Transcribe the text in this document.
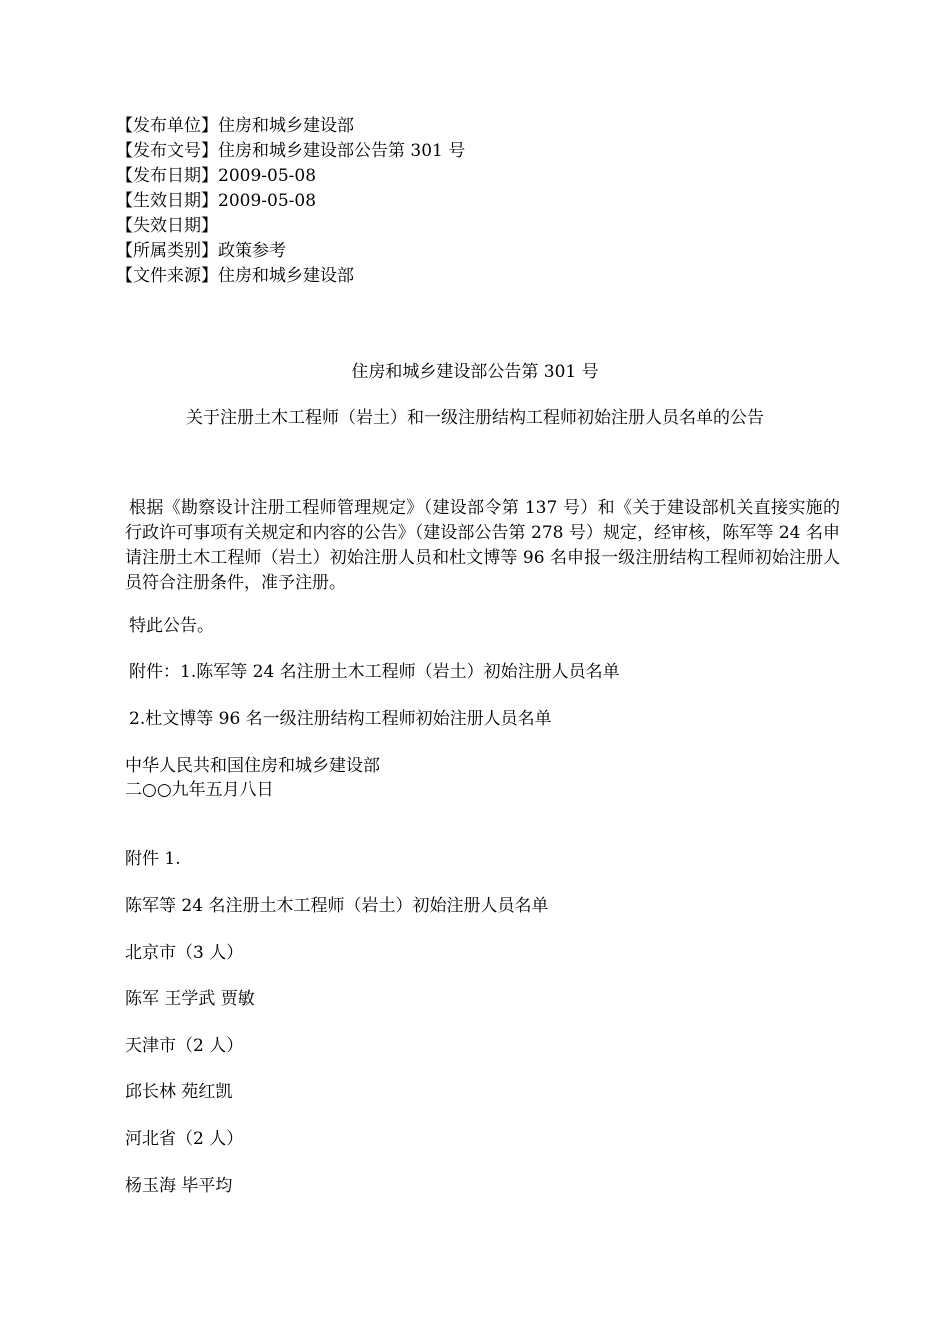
【发布单位】住房和城乡建设部
【发布文号】住房和城乡建设部公告第 301 号
【发布日期】2009-05-08
【生效日期】2009-05-08
【失效日期】
【所属类别】政策参考
【文件来源】住房和城乡建设部
住房和城乡建设部公告第 301 号
关于注册土木工程师（岩土）和一级注册结构工程师初始注册人员名单的公告
根据《勘察设计注册工程师管理规定》（建设部令第 137 号）和《关于建设部机关直接实施的行政许可事项有关规定和内容的公告》（建设部公告第 278 号）规定，经审核，陈军等 24 名申请注册土木工程师（岩土）初始注册人员和杜文博等 96 名申报一级注册结构工程师初始注册人员符合注册条件，准予注册。
特此公告。
附件：1.陈军等 24 名注册土木工程师（岩土）初始注册人员名单
2.杜文博等 96 名一级注册结构工程师初始注册人员名单
中华人民共和国住房和城乡建设部
二○○九年五月八日
附件 1.
陈军等 24 名注册土木工程师（岩土）初始注册人员名单
北京市（3 人）
陈军 王学武 贾敏
天津市（2 人）
邱长林 苑红凯
河北省（2 人）
杨玉海 毕平均
